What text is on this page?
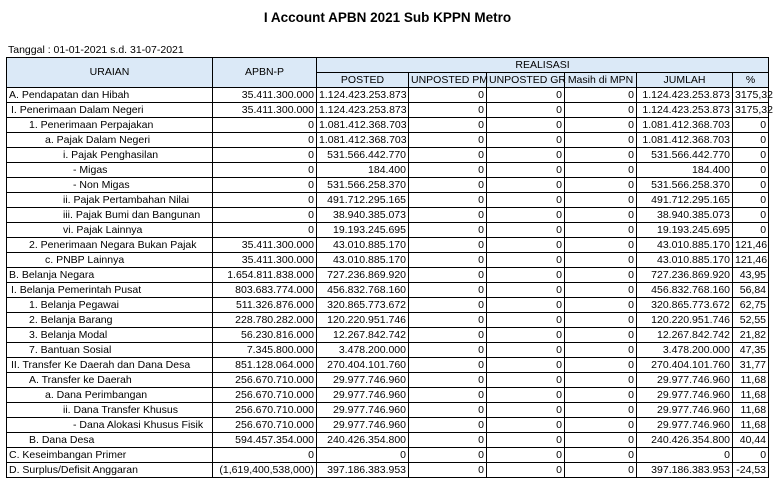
I Account APBN 2021 Sub KPPN Metro
Tanggal : 01-01-2021 s.d. 31-07-2021
URAIAN	APBN-P	REALISASI					
		POSTED	UNPOSTED PM	UNPOSTED GR	Masih di MPN	JUMLAH	%
A. Pendapatan dan Hibah	35.411.300.000	1.124.423.253.873	0	0	0	1.124.423.253.873	3175,32
I. Penerimaan Dalam Negeri	35.411.300.000	1.124.423.253.873	0	0	0	1.124.423.253.873	3175,32
1. Penerimaan Perpajakan	0	1.081.412.368.703	0	0	0	1.081.412.368.703	0
a. Pajak Dalam Negeri	0	1.081.412.368.703	0	0	0	1.081.412.368.703	0
i. Pajak Penghasilan	0	531.566.442.770	0	0	0	531.566.442.770	0
- Migas	0	184.400	0	0	0	184.400	0
- Non Migas	0	531.566.258.370	0	0	0	531.566.258.370	0
ii. Pajak Pertambahan Nilai	0	491.712.295.165	0	0	0	491.712.295.165	0
iii. Pajak Bumi dan Bangunan	0	38.940.385.073	0	0	0	38.940.385.073	0
vi. Pajak Lainnya	0	19.193.245.695	0	0	0	19.193.245.695	0
2. Penerimaan Negara Bukan Pajak	35.411.300.000	43.010.885.170	0	0	0	43.010.885.170	121,46
c. PNBP Lainnya	35.411.300.000	43.010.885.170	0	0	0	43.010.885.170	121,46
B. Belanja Negara	1.654.811.838.000	727.236.869.920	0	0	0	727.236.869.920	43,95
I. Belanja Pemerintah Pusat	803.683.774.000	456.832.768.160	0	0	0	456.832.768.160	56,84
1. Belanja Pegawai	511.326.876.000	320.865.773.672	0	0	0	320.865.773.672	62,75
2. Belanja Barang	228.780.282.000	120.220.951.746	0	0	0	120.220.951.746	52,55
3. Belanja Modal	56.230.816.000	12.267.842.742	0	0	0	12.267.842.742	21,82
7. Bantuan Sosial	7.345.800.000	3.478.200.000	0	0	0	3.478.200.000	47,35
II. Transfer Ke Daerah dan Dana Desa	851.128.064.000	270.404.101.760	0	0	0	270.404.101.760	31,77
A. Transfer ke Daerah	256.670.710.000	29.977.746.960	0	0	0	29.977.746.960	11,68
a. Dana Perimbangan	256.670.710.000	29.977.746.960	0	0	0	29.977.746.960	11,68
ii. Dana Transfer Khusus	256.670.710.000	29.977.746.960	0	0	0	29.977.746.960	11,68
- Dana Alokasi Khusus Fisik	256.670.710.000	29.977.746.960	0	0	0	29.977.746.960	11,68
B. Dana Desa	594.457.354.000	240.426.354.800	0	0	0	240.426.354.800	40,44
C. Keseimbangan Primer	0	0	0	0	0	0	0
D. Surplus/Defisit Anggaran	(1,619,400,538,000)	397.186.383.953	0	0	0	397.186.383.953	-24,53
